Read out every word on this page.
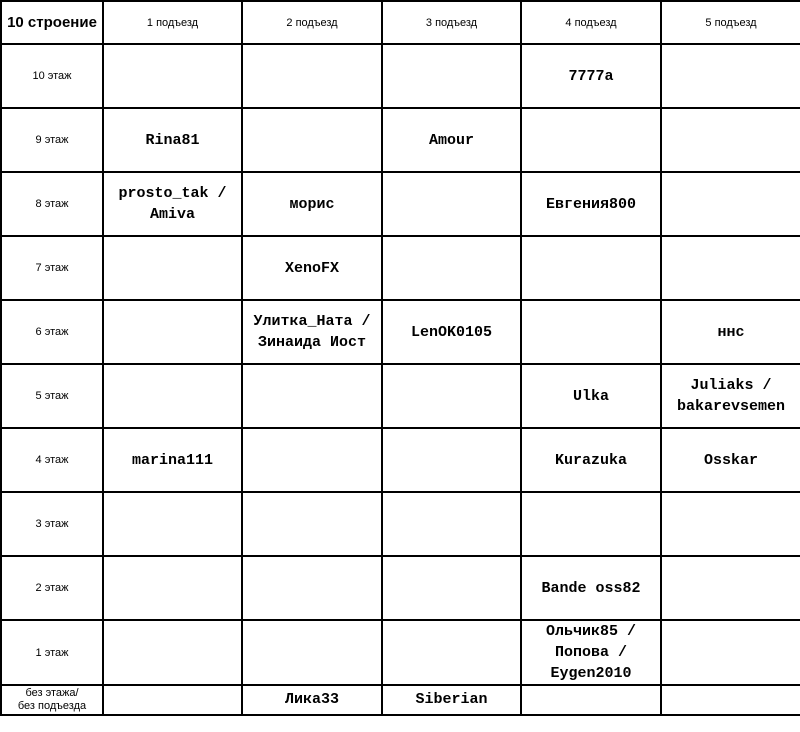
10 строение	1 подъезд	2 подъезд	3 подъезд	4 подъезд	5 подъезд
10 этаж				7777a	
9 этаж	Rina81		Amour		
8 этаж	prosto_tak /
Amiva	морис		Евгения800	
7 этаж		XenoFX			
6 этаж		Улитка_Ната /
Зинаида Иост	LenOK0105		ннс
5 этаж				Ulka	Juliaks /
bakarevsemen
4 этаж	marina111			Kurazuka	Osskar
3 этаж					
2 этаж				Bande oss82	
1 этаж				Ольчик85 /
Попова /
Eygen2010	
без этажа/
без подъезда		Лика33	Siberian		
